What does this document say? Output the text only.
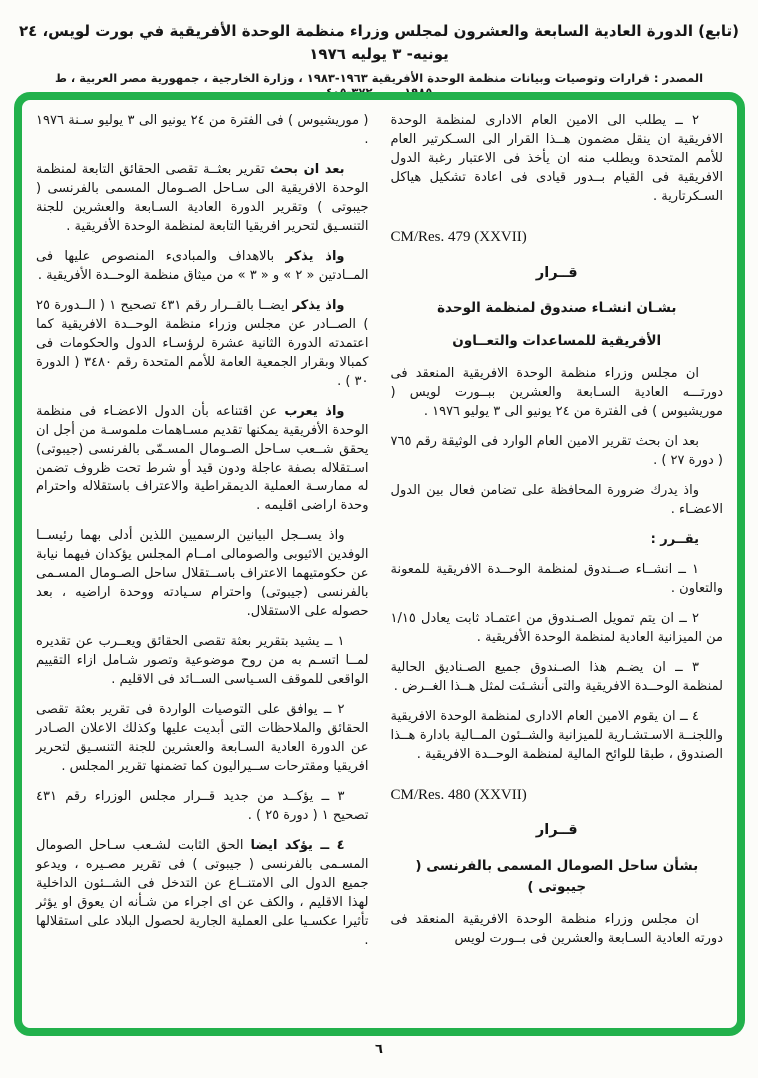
(تابع) الدورة العادية السابعة والعشرون لمجلس وزراء منظمة الوحدة الأفريقية في بورت لويس، ٢٤ يونيه- ٣ يوليه ١٩٧٦
المصدر : قرارات وتوصيات وبيانات منظمة الوحدة الأفريقية ١٩٦٣-١٩٨٣ ، وزارة الخارجية ، جمهورية مصر العربية ، ط ١٩٨٥ ، ص ٣٧٢-٤٠٥

٢ ــ يطلب الى الامين العام الادارى لمنظمة الوحدة الافريقية ان ينقل مضمون هــذا القرار الى السـكرتير العام للأمم المتحدة ويطلب منه ان يأخذ فى الاعتبار رغبة الدول الافريقية فى القيام بــدور قيادى فى اعادة تشكيل هياكل السـكرتارية .

CM/Res. 479 (XXVII)
قــرار
بشـان انشـاء صندوق لمنظمة الوحدة
الأفريقية للمساعدات والتعــاون

ان مجلس وزراء منظمة الوحدة الافريقية المنعقد فى دورتـــه العادية السـابعة والعشرين ببــورت لويس ( موريشيوس ) فى الفترة من ٢٤ يونيو الى ٣ يوليو ١٩٧٦ .

بعد ان بحث تقرير الامين العام الوارد فى الوثيقة رقم ٧٦٥ ( دورة ٢٧ ) .

واذ يدرك ضرورة المحافظة على تضامن فعال بين الدول الاعضـاء .

يقــرر :

١ ــ انشــاء صــندوق لمنظمة الوحــدة الافريقية للمعونة والتعاون .

٢ ــ ان يتم تمويل الصـندوق من اعتمـاد ثابت يعادل ١/١٥ من الميزانية العادية لمنظمة الوحدة الأفريقية .

٣ ــ ان يضـم هذا الصـندوق جميع الصـناديق الحالية لمنظمة الوحــدة الافريقية والتى أنشـئت لمثل هــذا الغــرض .

٤ ــ ان يقوم الامين العام الادارى لمنظمة الوحدة الافريقية واللجنــة الاسـتشـارية للميزانية والشــئون المــالية بادارة هــذا الصندوق ، طبقا للوائح المالية لمنظمة الوحــدة الافريقية .

CM/Res. 480 (XXVII)
قــرار
بشأن ساحل الصومال المسمى بالفرنسى ( جيبوتى )

ان مجلس وزراء منظمة الوحدة الافريقية المنعقد فى دورته العادية السـابعة والعشرين فى بــورت لويس

( موريشيوس ) فى الفترة من ٢٤ يونيو الى ٣ يوليو سـنة ١٩٧٦ .

بعد ان بحث تقرير بعثــة تقصى الحقائق التابعة لمنظمة الوحدة الافريقية الى سـاحل الصـومال المسمى بالفرنسى ( جيبوتى ) وتقرير الدورة العادية السـابعة والعشرين للجنة التنسـيق لتحرير افريقيا التابعة لمنظمة الوحدة الأفريقية .

واذ يذكر بالاهداف والمبادىء المنصوص عليها فى المــادتين « ٢ » و « ٣ » من ميثاق منظمة الوحــدة الأفريقية .

واذ يذكر ايضــا بالقــرار رقم ٤٣١ تصحيح ١ ( الــدورة ٢٥ ) الصــادر عن مجلس وزراء منظمة الوحــدة الافريقية كما اعتمدته الدورة الثانية عشرة لرؤسـاء الدول والحكومات فى كمبالا وبقرار الجمعية العامة للأمم المتحدة رقم ٣٤٨٠ ( الدورة ٣٠ ) .

واذ يعرب عن اقتناعه بأن الدول الاعضـاء فى منظمة الوحدة الأفريقية يمكنها تقديم مسـاهمات ملموسـة من أجل ان يحقق شــعب سـاحل الصـومال المسـمّى بالفرنسى (جيبوتى) اسـتقلاله بصفة عاجلة ودون قيد أو شرط تحت ظروف تضمن له ممارسـة العملية الديمقراطية والاعتراف باستقلاله واحترام وحدة اراضى اقليمه .

واذ يســجل البيانين الرسميين اللذين أدلى بهما رئيســا الوفدين الاثيوبى والصومالى امــام المجلس يؤكدان فيهما نيابة عن حكومتيهما الاعتراف باســتقلال ساحل الصـومال المسـمى بالفرنسى (جيبوتى) واحترام سـيادته ووحدة اراضيه ، بعد حصوله على الاستقلال.

١ ــ يشيد بتقرير بعثة تقصى الحقائق ويعــرب عن تقديره لمــا اتسـم به من روح موضوعية وتصور شـامل ازاء التقييم الواقعى للموقف السـياسى الســائد فى الاقليم .

٢ ــ يوافق على التوصيات الواردة فى تقرير بعثة تقصى الحقائق والملاحظات التى أبديت عليها وكذلك الاعلان الصـادر عن الدورة العادية السـابعة والعشرين للجنة التنسـيق لتحرير افريقيا ومقترحات ســيراليون كما تضمنها تقرير المجلس .

٣ ــ يؤكــد من جديد قــرار مجلس الوزراء رقم ٤٣١ تصحيح ١ ( دورة ٢٥ ) .

٤ ــ يؤكد ايضا الحق الثابت لشـعب سـاحل الصومال المسـمى بالفرنسى ( جيبوتى ) فى تقرير مصـيره ، ويدعو جميع الدول الى الامتنــاع عن التدخل فى الشــئون الداخلية لهذا الاقليم ، والكف عن اى اجراء من شـأنه ان يعوق او يؤثر تأثيرا عكسـيا على العملية الجارية لحصول البلاد على استقلالها .

٦
